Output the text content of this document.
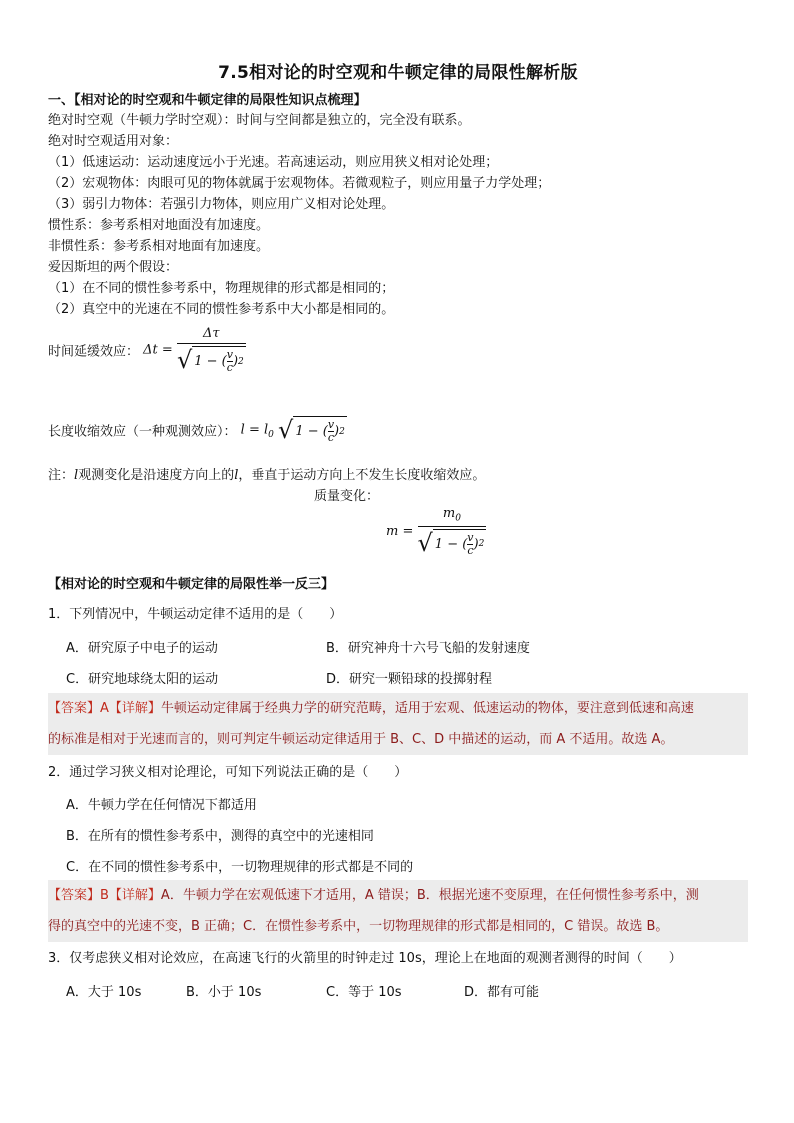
7.5相对论的时空观和牛顿定律的局限性解析版
一、【相对论的时空观和牛顿定律的局限性知识点梳理】
绝对时空观（牛顿力学时空观）：时间与空间都是独立的，完全没有联系。
绝对时空观适用对象：
（1）低速运动：运动速度远小于光速。若高速运动，则应用狭义相对论处理；
（2）宏观物体：肉眼可见的物体就属于宏观物体。若微观粒子，则应用量子力学处理；
（3）弱引力物体：若强引力物体，则应用广义相对论处理。
惯性系：参考系相对地面没有加速度。
非惯性系：参考系相对地面有加速度。
爱因斯坦的两个假设：
（1）在不同的惯性参考系中，物理规律的形式都是相同的；
（2）真空中的光速在不同的惯性参考系中大小都是相同的。
时间延缓效应： $\Delta t = \frac{\Delta\tau}{√ 1 - ( \frac{v}{c} ) 2}$
长度收缩效应（一种观测效应）： $l = l_0$ √ 1 − ( $\frac{v}{c}$ ) 2
注：l观测变化是沿速度方向上的l，垂直于运动方向上不发生长度收缩效应。
质量变化：
$m = \frac{m_0}{√ 1 - ( \frac{v}{c} ) 2}$
【相对论的时空观和牛顿定律的局限性举一反三】
1．下列情况中，牛顿运动定律不适用的是（　　）
A．研究原子中电子的运动	B．研究神舟十六号飞船的发射速度
C．研究地球绕太阳的运动	D．研究一颗铅球的投掷射程
【答案】A【详解】牛顿运动定律属于经典力学的研究范畴，适用于宏观、低速运动的物体，要注意到低速和高速
的标准是相对于光速而言的，则可判定牛顿运动定律适用于 B、C、D 中描述的运动，而 A 不适用。故选 A。
2．通过学习狭义相对论理论，可知下列说法正确的是（　　）
A．牛顿力学在任何情况下都适用
B．在所有的惯性参考系中，测得的真空中的光速相同
C．在不同的惯性参考系中，一切物理规律的形式都是不同的
【答案】B【详解】A．牛顿力学在宏观低速下才适用，A 错误；B．根据光速不变原理，在任何惯性参考系中，测
得的真空中的光速不变，B 正确；C．在惯性参考系中，一切物理规律的形式都是相同的，C 错误。故选 B。
3．仅考虑狭义相对论效应，在高速飞行的火箭里的时钟走过 10s，理论上在地面的观测者测得的时间（　　）
A．大于 10s	B．小于 10s	C．等于 10s	D．都有可能
